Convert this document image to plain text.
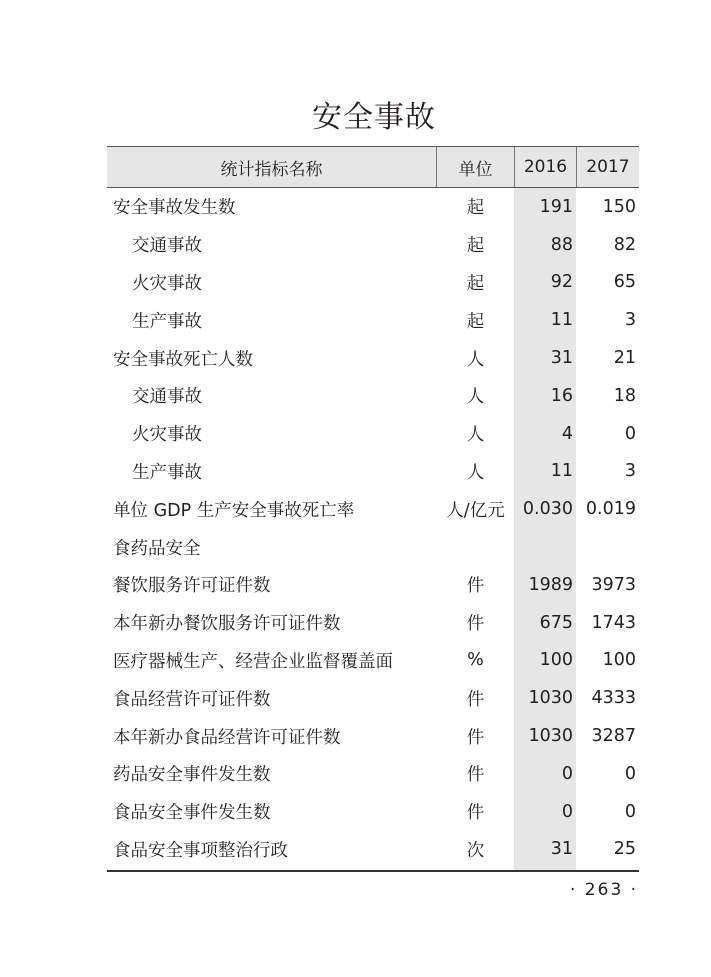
安全事故
统计指标名称	单位	2016	2017
安全事故发生数	起	191	150
交通事故	起	88	82
火灾事故	起	92	65
生产事故	起	11	3
安全事故死亡人数	人	31	21
交通事故	人	16	18
火灾事故	人	4	0
生产事故	人	11	3
单位 GDP 生产安全事故死亡率	人/亿元	0.030 0.019
食药品安全
餐饮服务许可证件数	件	1989	3973
本年新办餐饮服务许可证件数	件	675	1743
医疗器械生产、经营企业监督覆盖面	%	100	100
食品经营许可证件数	件	1030	4333
本年新办食品经营许可证件数	件	1030	3287
药品安全事件发生数	件	0	0
食品安全事件发生数	件	0	0
食品安全事项整治行政	次	31	25
· 263 ·
